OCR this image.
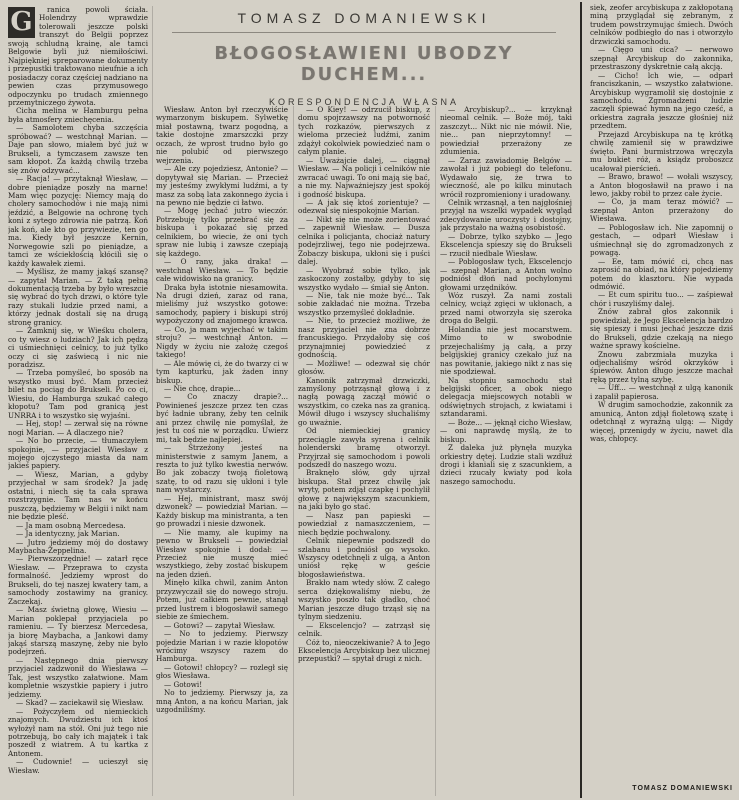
TOMASZ DOMANIEWSKI
BŁOGOSŁAWIENI UBODZY DUCHEM...
KORESPONDENCJA WŁASNA
G	ranica powoli ściała. Holendrzy wprawdzie tolerowali jeszcze polski transzyt do Belgii poprzez swoją schludną krainę, ale tamci Belgowie byli już niemiłościwi. Najpiękniej spreparowane dokumenty i przepustki traktowano nieufnie a ich posiadaczy coraz częściej nadziano na pewien czas przymusowego odpoczynku po trudach zmiennego przemytniczego żywota.

Cicha melina w Hamburgu pełna była atmosfery zniechęcenia.

— Samolotem chyba szczęścia spróbować? — westchnął Marian. — Daje pan słowo, miałem być już w Brukseli, a tymczasem zawsze ten sam kłopot. Za każdą chwilą trzeba się znów odzywać...

— Racja! — przytaknął Wiesław, — dobre pieniądze poszły na marne! Mam więc pozycję: Niemcy mają do cholery samochodów i nie mają nimi jeździć, a Belgowie na ochronę tych koni z sytego zdrowia nie patrzą. Koń jak koń, ale kto go przywiezie, ten go ma. Kiedy był jeszcze Kernin, Norwegowie szli po pieniądze, a tamci ze wściekłością kłócili się o każdy kawałek ziemi.

— Myślisz, że mamy jakąś szansę? — zapytał Marian. — Z taką pełną dokumentacją trzeba by było wreszcie się wybrać do tych drzwi, o które tyle razy stukali ludzie przed nami, a którzy jednak dostali się na drugą stronę granicy.

— Zamknij się, w Wieśku cholera, co ty wiesz o ludziach? Jak ich pędzą ci uśmiechnięci celnicy, to już tylko oczy ci się zaświecą i nic nie poradzisz.

— Trzeba pomyśleć, bo sposób na wszystko musi być. Mam przecież bilet na pociąg do Brukseli. Po co ci, Wiesiu, do Hamburga szukać całego kłopotu? Tam pod granicą jest UNRRA i to wszystko się wyjaśni.

— Hej, stop! — zerwał się na równe nogi Marian. — A dlaczego nie?

— No bo przecie, — tłumaczyłem spokojnie, — przyjaciel Wiesław z mojego ojczystego miasta da nam jakieś papiery.

— Wiesz, Marian, a gdyby przyjechał w sam środek? Ja jadę ostatni, i niech się ta cała sprawa rozstrzygnie. Tam nas w końcu puszczą, będziemy w Belgii i nikt nam nie będzie pleść.

— Ja mam osobną Mercedesa.

— Ja identyczny, jak Marian.

— Jutro jedziemy mój do dostawy Maybacha-Zeppelina.

— Pierwszorzędnie! — zatarł ręce Wiesław. — Przeprawa to czysta formalność. Jedziemy wprost do Brukseli, do tej naszej kwatery tam, a samochody zostawimy na granicy. Zaczekaj.

— Masz świetną głowę, Wiesiu — Marian poklepał przyjaciela po ramieniu. — Ty bierzesz Mercedesa, ja biorę Maybacha, a Jankowi damy jakąś starszą maszynę, żeby nie było podejrzeń.

— Następnego dnia pierwszy przyjaciel zadzwonił do Wiesława — Tak, jest wszystko załatwione. Mam kompletnie wszystkie papiery i jutro jedziemy.

— Skad? — zaciekawił się Wiesław.

— Pożyczyłem od niemieckich znajomych. Dwudziestu ich ktoś wyłożył nam na stół. Oni już tego nie potrzebują, bo cały ich majątek i tak poszedł z wiatrem. A tu kartka z Antonem.

— Cudownie! — ucieszył się Wiesław.

Wiesław. Anton był rzeczywiście wymarzonym biskupem. Sylwetkę miał postawną, twarz pogodną, a takie dostojne zmarszczki przy oczach, że wprost trudno było go nie polubić od pierwszego wejrzenia.

— Ale czy pojedziesz, Antonie? — dopytywał się Marian. — Przecież my jesteśmy zwykłymi ludźmi, a ty masz za sobą lata zakonnego życia i na pewno nie będzie ci łatwo.

— Mogę jechać jutro wieczór. Potrzebuję tylko przebrać się za biskupa i pokazać się przed celnikiem, bo wiecie, że oni tych spraw nie lubią i zawsze czepiają się każdego.

— O rany, jaka draka! — westchnął Wiesław. — To będzie całe widowisko na granicy.

Draka była istotnie niesamowita. Na drugi dzień, zaraz od rana, mieliśmy już wszystko gotowe: samochody, papiery i biskupi strój wypożyczony od znajomego krawca.

— Co, ja mam wyjechać w takim stroju? — westchnął Anton. — Nigdy w życiu nie założę czegoś takiego!

— Ale mówię ci, że do twarzy ci w tym kapturku, jak żaden inny biskup.

— Nie chcę, drapie...

— Co znaczy drapie?... Powinieneś jeszcze przez ten czas być ładnie ubrany, żeby ten celnik ani przez chwilę nie pomyślał, że jest tu coś nie w porządku. Uwierz mi, tak będzie najlepiej.

— Strzeżony jesteś na ministerstwie z samym Janem, a reszta to już tylko kwestia nerwów. Bo jak zobaczy twoją fioletową szatę, to od razu się ukłoni i tyle nam wystarczy.

— Hej, ministrant, masz swój dzwonek? — powiedział Marian. — Każdy biskup ma ministranta, a ten go prowadzi i niesie dzwonek.

— Nie mamy, ale kupimy na pewno w Brukseli — powiedział Wiesław spokojnie i dodał: — Przecież nie muszę mieć wszystkiego, żeby zostać biskupem na jeden dzień.

Minęło kilka chwil, zanim Anton przyzwyczaił się do nowego stroju. Potem, już całkiem pewnie, stanął przed lustrem i błogosławił samego siebie ze śmiechem.

— Gotowi? — zapytał Wiesław.

— No to jedziemy. Pierwszy pojedzie Marian i w razie kłopotów wrócimy wszyscy razem do Hamburga.

— Gotowi! chłopcy? — rozległ się głos Wiesława.

— Gotowi!

No to jedziemy. Pierwszy ja, za mną Anton, a na końcu Marian, jak uzgodniliśmy.

— O Kiey! — odrzucił biskup, z domu spojrzawszy na potworność tych rozkazów, pierwszych z wieloma przecież ludźmi, zanim zdążył cokolwiek powiedzieć nam o całym planie.

— Uważajcie dalej, — ciągnął Wiesław. — Na policji i celników nie zwracać uwagi. To oni mają się bać, a nie my. Najważniejszy jest spokój i godność biskupa.

— A jak się ktoś zorientuje? — odezwał się niespokojnie Marian.

— Nikt się nie może zorientować — zapewnił Wiesław. — Dusza celnika i policjanta, chociaż natury podejrzliwej, tego nie podejrzewa. Zobaczy biskupa, ukłoni się i puści dalej.

— Wyobraź sobie tylko, jak zaskoczony zostałby, gdyby to się wszystko wydało — śmiał się Anton.

— Nie, tak nie może być... Tak sobie zakładać nie można. Trzeba wszystko przemyśleć dokładnie.

— Nie, to przecież możliwe, że nasz przyjaciel nie zna dobrze francuskiego. Przydałoby się coś przynajmniej powiedzieć z godnością.

— Możliwe! — odezwał się chór głosów.

Kanonik zatrzymał drzwiczki, zamyślony potrząsnął głową i z nagłą powagą zaczął mówić o wszystkim, co czeka nas za granicą. Mówił długo i wszyscy słuchaliśmy go uważnie.

Od niemieckiej granicy przeciągle zawyła syrena i celnik holenderski bramę otworzył. Przyjrzał się samochodom i powoli podszedł do naszego wozu.

Braknęło słów, gdy ujrzał biskupa. Stał przez chwilę jak wryty, potem zdjął czapkę i pochylił głowę z największym szacunkiem, na jaki było go stać.

— Nasz pan papieski — powiedział z namaszczeniem, — niech będzie pochwalony.

Celnik niepewnie podszedł do szlabanu i podniósł go wysoko. Wszyscy odetchnęli z ulgą, a Anton uniósł rękę w geście błogosławieństwa.

Brakło nam wtedy słów. Z całego serca dziękowaliśmy niebu, że wszystko poszło tak gładko, choć Marian jeszcze długo trząsł się na tylnym siedzeniu.

— Ekscelencjo? — zatrząsł się celnik.

Cóż to, nieoczekiwanie? A to Jego Ekscelencja Arcybiskup bez ulicznej przepustki? — spytał drugi z nich.

— Arcybiskup?... — krzyknął nieomal celnik. — Boże mój, taki zaszczyt... Nikt nic nie mówił. Nie, nie... pan nieprzytomny! — powiedział przerażony ze zdumienia.

— Zaraz zawiadomię Belgów — zawołał i już pobiegł do telefonu. Wydawało się, że trwa to wieczność, ale po kilku minutach wrócił rozpromieniony i uradowany.

Celnik wrzasnął, a ten najgłośniej przyjął na wszelki wypadek wygląd zdecydowanie uroczysty i dostojny, jak przystało na ważną osobistość.

— Dobrze, tylko szybko — Jego Ekscelencja spieszy się do Brukseli — rzucił niedbale Wiesław.

— Poblogosław tych, Ekscelencjo — szepnął Marian, a Anton wolno podniósł dłoń nad pochylonymi głowami urzędników.

Wóz ruszył. Za nami zostali celnicy, wciąż zgięci w ukłonach, a przed nami otworzyła się szeroka droga do Belgii.

Holandia nie jest mocarstwem. Mimo to w swobodnie przejechaliśmy ją całą, a przy belgijskiej granicy czekało już na nas powitanie, jakiego nikt z nas się nie spodziewał.

Na stopniu samochodu stał belgijski oficer, a obok niego delegacja miejscowych notabli w odświętnych strojach, z kwiatami i sztandarami.

— Boże... — jęknął cicho Wiesław, — oni naprawdę myślą, że to biskup.

Z daleka już płynęła muzyka orkiestry dętej. Ludzie stali wzdłuż drogi i kłaniali się z szacunkiem, a dzieci rzucały kwiaty pod koła naszego samochodu.

siek, zeofer arcybiskupa z zakłopotaną miną przyglądał się zebranym, z trudem powstrzymując śmiech. Dwóch celników podbiegło do nas i otworzyło drzwiczki samochodu.

— Cięgo uni cica? — nerwowo szepnął Arcybiskup do zakonnika, przestraszony dyskretnie całą akcją.

— Cicho! lch wie, — odparł franciszkanin, — wszystko załatwione. Arcybiskup wygramolił się dostojnie z samochodu. Zgromadzeni ludzie zaczęli śpiewać hymn na jego cześć, a orkiestra zagrała jeszcze głośniej niż przedtem.

Przejazd Arcybiskupa na tę krótką chwilę zamienił się w prawdziwe święto. Pani burmistrzowa wręczyła mu bukiet róż, a ksiądz proboszcz ucałował pierścień.

— Brawo, brawo! — wołali wszyscy, a Anton błogosławił na prawo i na lewo, jakby robił to przez całe życie.

— Co, ja mam teraz mówić? — szepnął Anton przerażony do Wiesława.

— Poblogosław ich. Nie zapomnij o gestach, — odparł Wiesław i uśmiechnął się do zgromadzonych z powagą.

— Ee, tam mówić ci, chcą nas zaprosić na obiad, na który pojedziemy potem do klasztoru. Nie wypada odmówić.

— Et cum spiritu tuo... — zaśpiewał chór i ruszyliśmy dalej.

Znów zabrał głos zakonnik i powiedział, że Jego Ekscelencja bardzo się spieszy i musi jechać jeszcze dziś do Brukseli, gdzie czekają na niego ważne sprawy kościelne.

Znowu zabrzmiała muzyka i odjechaliśmy wśród okrzyków i śpiewów. Anton długo jeszcze machał ręką przez tylną szybę.

— Uff... — westchnął z ulgą kanonik i zapalił papierosa.

W drugim samochodzie, zakonnik za amunicą, Anton zdjął fioletową szatę i odetchnął z wyraźną ulgą: — Nigdy więcej, przenigdy w życiu, nawet dla was, chłopcy.

TOMASZ DOMANIEWSKI
